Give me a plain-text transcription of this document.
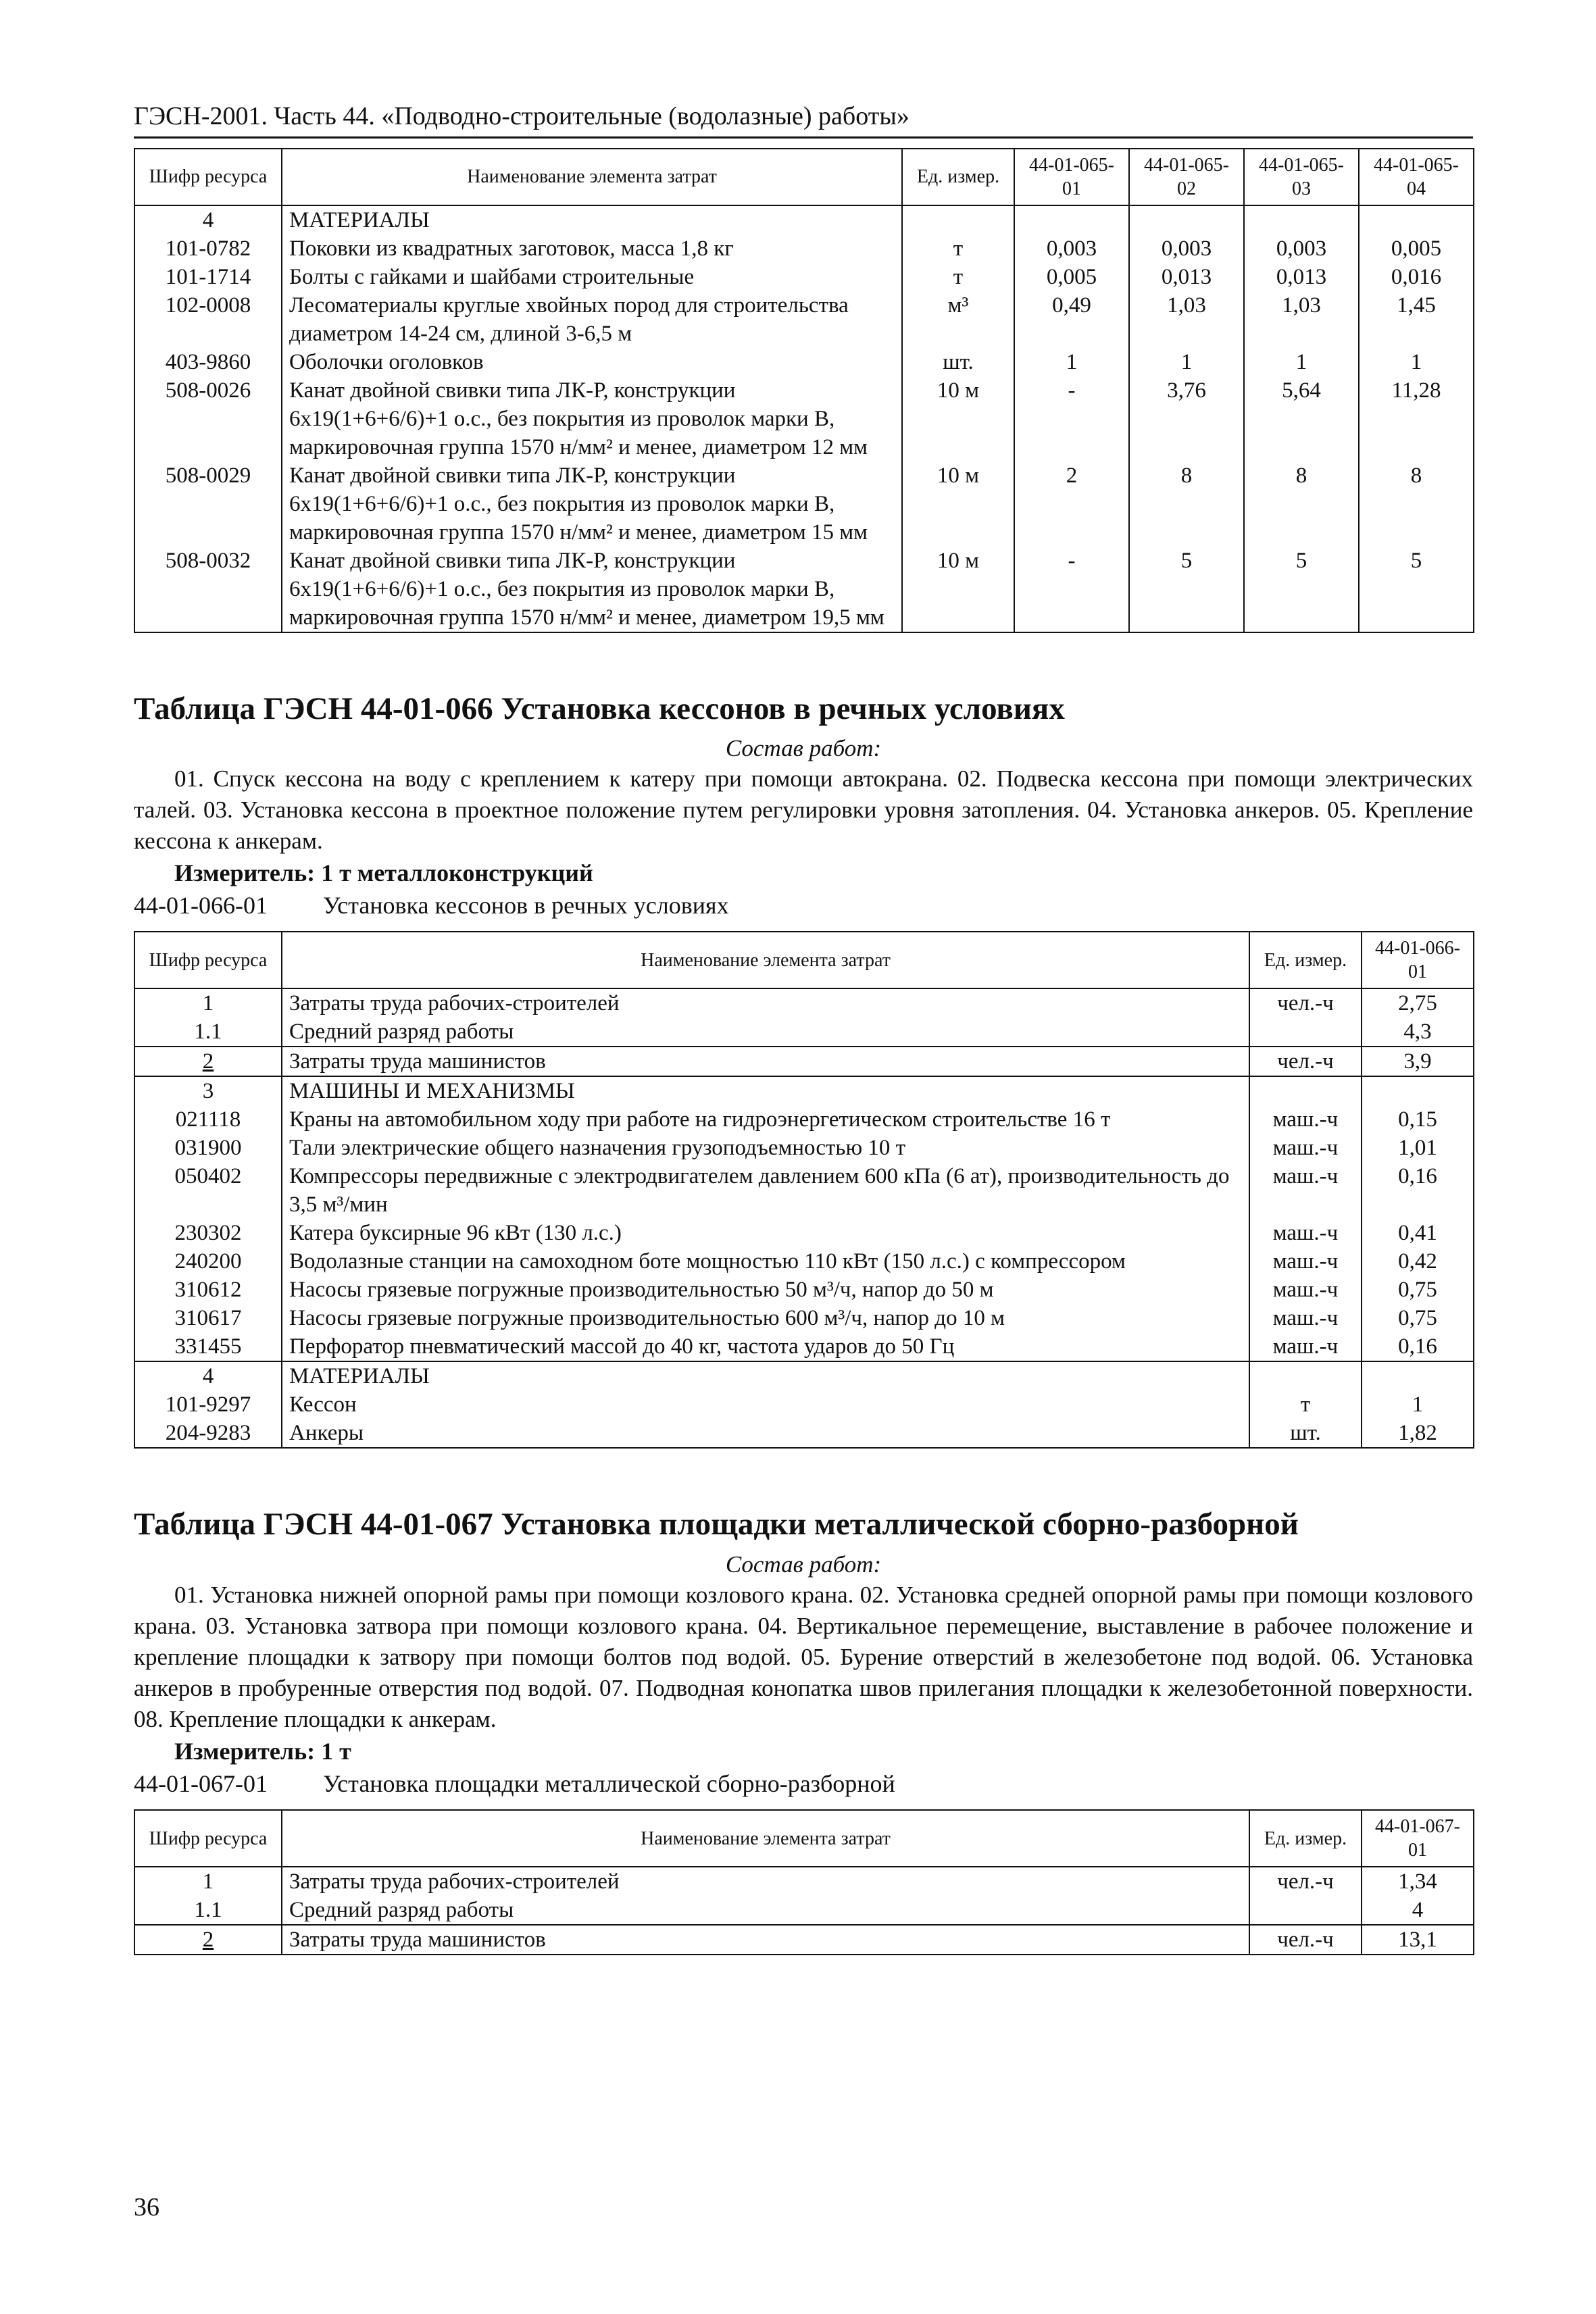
ГЭСН-2001. Часть 44. «Подводно-строительные (водолазные) работы»
Шифр ресурса	Наименование элемента затрат	Ед. измер.	44-01-065-01	44-01-065-02	44-01-065-03	44-01-065-04
4	МАТЕРИАЛЫ					
101-0782	Поковки из квадратных заготовок, масса 1,8 кг	т	0,003	0,003	0,003	0,005
101-1714	Болты с гайками и шайбами строительные	т	0,005	0,013	0,013	0,016
102-0008	Лесоматериалы круглые хвойных пород для строительства диаметром 14-24 см, длиной 3-6,5 м	м³	0,49	1,03	1,03	1,45
403-9860	Оболочки оголовков	шт.	1	1	1	1
508-0026	Канат двойной свивки типа ЛК-Р, конструкции 6х19(1+6+6/6)+1 о.с., без покрытия из проволок марки В, маркировочная группа 1570 н/мм² и менее, диаметром 12 мм	10 м	-	3,76	5,64	11,28
508-0029	Канат двойной свивки типа ЛК-Р, конструкции 6х19(1+6+6/6)+1 о.с., без покрытия из проволок марки В, маркировочная группа 1570 н/мм² и менее, диаметром 15 мм	10 м	2	8	8	8
508-0032	Канат двойной свивки типа ЛК-Р, конструкции 6х19(1+6+6/6)+1 о.с., без покрытия из проволок марки В, маркировочная группа 1570 н/мм² и менее, диаметром 19,5 мм	10 м	-	5	5	5
Таблица ГЭСН 44-01-066 Установка кессонов в речных условиях
Состав работ:
01. Спуск кессона на воду с креплением к катеру при помощи автокрана. 02. Подвеска кессона при помощи электрических талей. 03. Установка кессона в проектное положение путем регулировки уровня затопления. 04. Установка анкеров. 05. Крепление кессона к анкерам.
Измеритель: 1 т металлоконструкций
44-01-066-01 Установка кессонов в речных условиях
Шифр ресурса	Наименование элемента затрат	Ед. измер.	44-01-066-01
1	Затраты труда рабочих-строителей	чел.-ч	2,75
1.1	Средний разряд работы		4,3
2	Затраты труда машинистов	чел.-ч	3,9
3	МАШИНЫ И МЕХАНИЗМЫ		
021118	Краны на автомобильном ходу при работе на гидроэнергетическом строительстве 16 т	маш.-ч	0,15
031900	Тали электрические общего назначения грузоподъемностью 10 т	маш.-ч	1,01
050402	Компрессоры передвижные с электродвигателем давлением 600 кПа (6 ат), производительность до 3,5 м³/мин	маш.-ч	0,16
230302	Катера буксирные 96 кВт (130 л.с.)	маш.-ч	0,41
240200	Водолазные станции на самоходном боте мощностью 110 кВт (150 л.с.) с компрессором	маш.-ч	0,42
310612	Насосы грязевые погружные производительностью 50 м³/ч, напор до 50 м	маш.-ч	0,75
310617	Насосы грязевые погружные производительностью 600 м³/ч, напор до 10 м	маш.-ч	0,75
331455	Перфоратор пневматический массой до 40 кг, частота ударов до 50 Гц	маш.-ч	0,16
4	МАТЕРИАЛЫ		
101-9297	Кессон	т	1
204-9283	Анкеры	шт.	1,82
Таблица ГЭСН 44-01-067 Установка площадки металлической сборно-разборной
Состав работ:
01. Установка нижней опорной рамы при помощи козлового крана. 02. Установка средней опорной рамы при помощи козлового крана. 03. Установка затвора при помощи козлового крана. 04. Вертикальное перемещение, выставление в рабочее положение и крепление площадки к затвору при помощи болтов под водой. 05. Бурение отверстий в железобетоне под водой. 06. Установка анкеров в пробуренные отверстия под водой. 07. Подводная конопатка швов прилегания площадки к железобетонной поверхности. 08. Крепление площадки к анкерам.
Измеритель: 1 т
44-01-067-01 Установка площадки металлической сборно-разборной
Шифр ресурса	Наименование элемента затрат	Ед. измер.	44-01-067-01
1	Затраты труда рабочих-строителей	чел.-ч	1,34
1.1	Средний разряд работы		4
2	Затраты труда машинистов	чел.-ч	13,1
36
